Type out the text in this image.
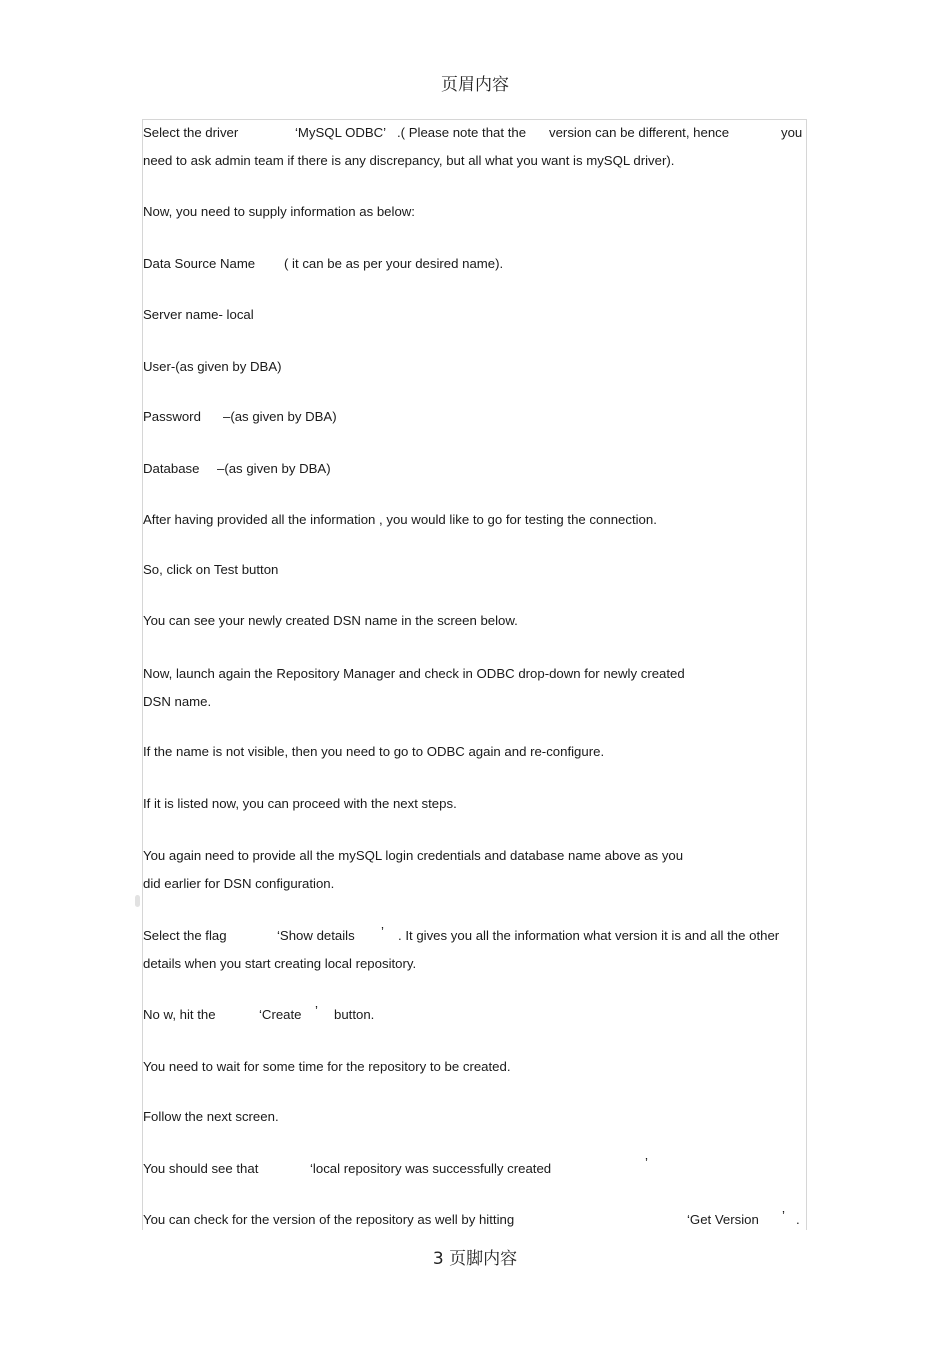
页眉内容
Select the driver	‘MySQL ODBC’ .( Please note that the version can be different, hence	you
need to ask admin team if there is any discrepancy, but all what you want is mySQL driver).
Now, you need to supply information as below:
Data Source Name ( it can be as per your desired name).
Server name- local
User-(as given by DBA)
Password –(as given by DBA)
Database –(as given by DBA)
After having provided all the information , you would like to go for testing the connection.
So, click on Test button
You can see your newly created DSN name in the screen below.
Now, launch again the Repository Manager and check in ODBC drop-down for newly created
DSN name.
If the name is not visible, then you need to go to ODBC again and re-configure.
If it is listed now, you can proceed with the next steps.
You again need to provide all the mySQL login credentials and database name above as you
did earlier for DSN configuration.
Select the flag	‘Show details ’ . It gives you all the information what version it is and all the other
details when you start creating local repository.
No w, hit the	‘Create ’ button.
You need to wait for some time for the repository to be created.
Follow the next screen.
You should see that	‘local repository was successfully created	’
You can check for the version of the repository as well by hitting	‘Get Version ’ .
3 页脚内容
